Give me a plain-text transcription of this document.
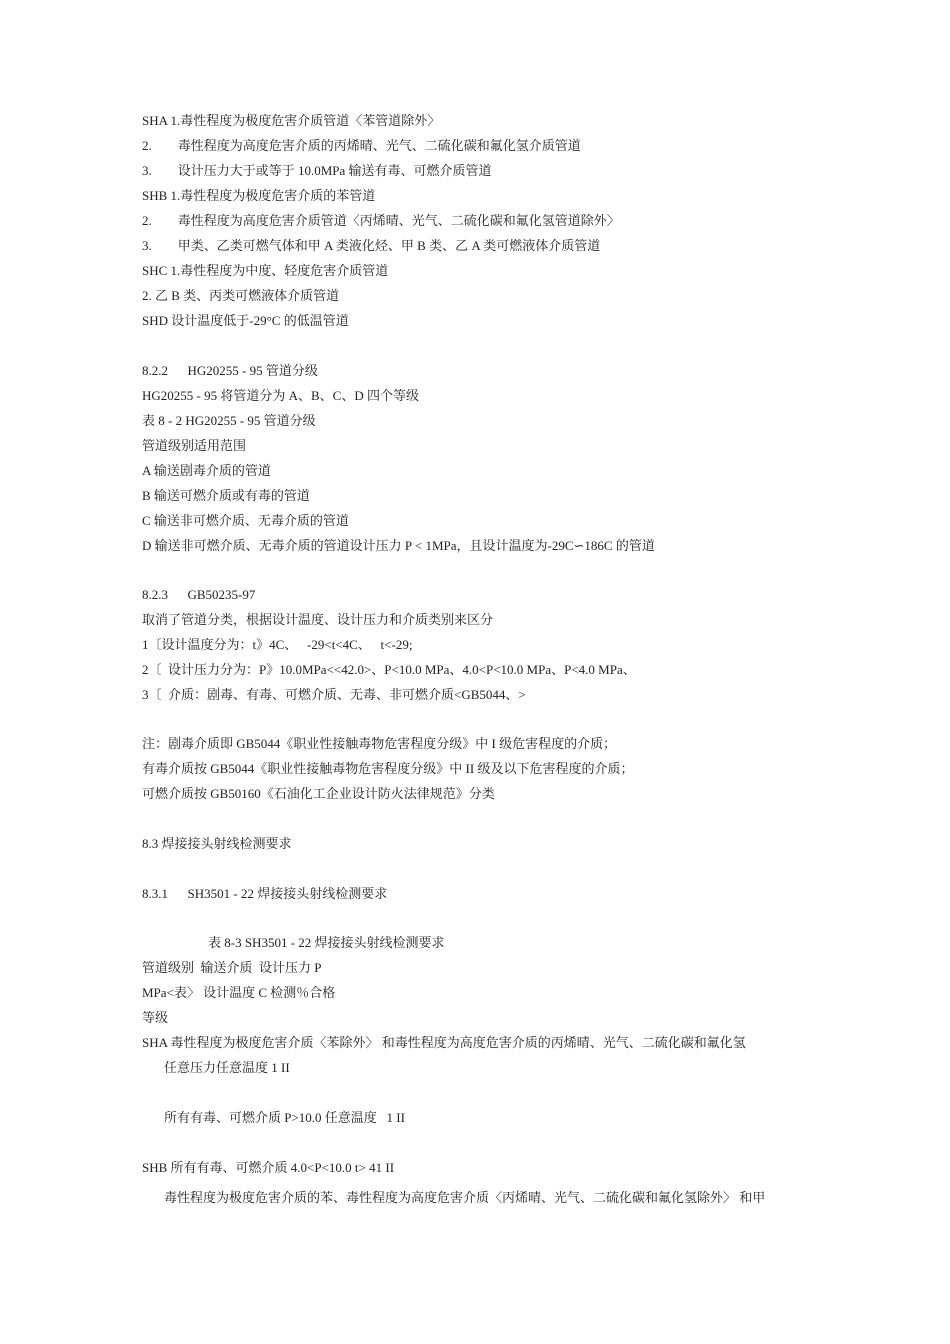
SHA 1.毒性程度为极度危害介质管道〈苯管道除外〉
2.        毒性程度为高度危害介质的丙烯晴、光气、二硫化碳和氟化氢介质管道
3.        设计压力大于或等于 10.0MPa 输送有毒、可燃介质管道
SHB 1.毒性程度为极度危害介质的苯管道
2.        毒性程度为高度危害介质管道〈丙烯晴、光气、二硫化碳和氟化氢管道除外〉
3.        甲类、乙类可燃气体和甲 A 类液化烃、甲 B 类、乙 A 类可燃液体介质管道
SHC 1.毒性程度为中度、轻度危害介质管道
2. 乙 B 类、丙类可燃液体介质管道
SHD 设计温度低于-29°C 的低温管道
8.2.2      HG20255 - 95 管道分级
HG20255 - 95 将管道分为 A、B、C、D 四个等级
表 8 - 2 HG20255 - 95 管道分级
管道级别适用范围
A 输送剧毒介质的管道
B 输送可燃介质或有毒的管道
C 输送非可燃介质、无毒介质的管道
D 输送非可燃介质、无毒介质的管道设计压力 P < 1MPa，且设计温度为-29C∽186C 的管道
8.2.3      GB50235-97
取消了管道分类，根据设计温度、设计压力和介质类别来区分
1〔设计温度分为：t》4C、   -29<t<4C、   t<-29;
2〔  设计压力分为：P》10.0MPa<<42.0>、P<10.0 MPa、4.0<P<10.0 MPa、P<4.0 MPa、
3〔  介质：剧毒、有毒、可燃介质、无毒、非可燃介质<GB5044、>
注：剧毒介质即 GB5044《职业性接触毒物危害程度分级》中 I 级危害程度的介质；
有毒介质按 GB5044《职业性接触毒物危害程度分级》中 II 级及以下危害程度的介质；
可燃介质按 GB50160《石油化工企业设计防火法律规范》分类
8.3 焊接接头射线检测要求
8.3.1      SH3501 - 22 焊接接头射线检测要求
表 8-3 SH3501 - 22 焊接接头射线检测要求
管道级别  输送介质  设计压力 P
MPa<表〉 设计温度 C 检测％合格
等级
SHA 毒性程度为极度危害介质〈苯除外〉 和毒性程度为高度危害介质的丙烯晴、光气、二硫化碳和氟化氢
任意压力任意温度 1 II
所有有毒、可燃介质 P>10.0 任意温度   1 II
SHB 所有有毒、可燃介质 4.0<P<10.0 t> 41 II
毒性程度为极度危害介质的苯、毒性程度为高度危害介质〈丙烯晴、光气、二硫化碳和氟化氢除外〉 和甲
